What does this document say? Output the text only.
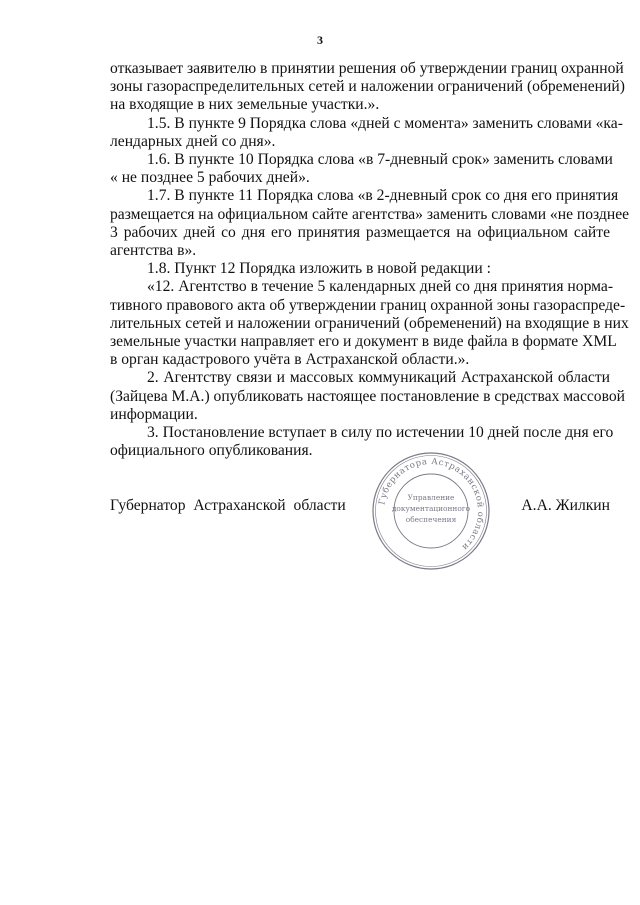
3
отказывает заявителю в принятии решения об утверждении границ охранной
зоны газораспределительных сетей и наложении ограничений (обременений)
на входящие в них земельные участки.».
1.5. В пункте 9 Порядка слова «дней с момента» заменить словами «ка-
лендарных дней со дня».
1.6. В пункте 10 Порядка слова «в 7-дневный срок» заменить словами
« не позднее 5 рабочих дней».
1.7. В пункте 11 Порядка слова «в 2-дневный срок со дня его принятия
размещается на официальном сайте агентства» заменить словами «не позднее
3 рабочих дней со дня его принятия размещается на официальном сайте
агентства в».
1.8. Пункт 12 Порядка изложить в новой редакции :
«12. Агентство в течение 5 календарных дней со дня принятия норма-
тивного правового акта об утверждении границ охранной зоны газораспреде-
лительных сетей и наложении ограничений (обременений) на входящие в них
земельные участки направляет его и документ в виде файла в формате XML
в орган кадастрового учёта в Астраханской области.».
2. Агентству связи и массовых коммуникаций Астраханской области
(Зайцева М.А.) опубликовать настоящее постановление в средствах массовой
информации.
3. Постановление вступает в силу по истечении 10 дней после дня его
официального опубликования.
Губернатор Астраханской области	А.А. Жилкин
Губернатора Астраханской области
Управление
документационного
обеспечения
